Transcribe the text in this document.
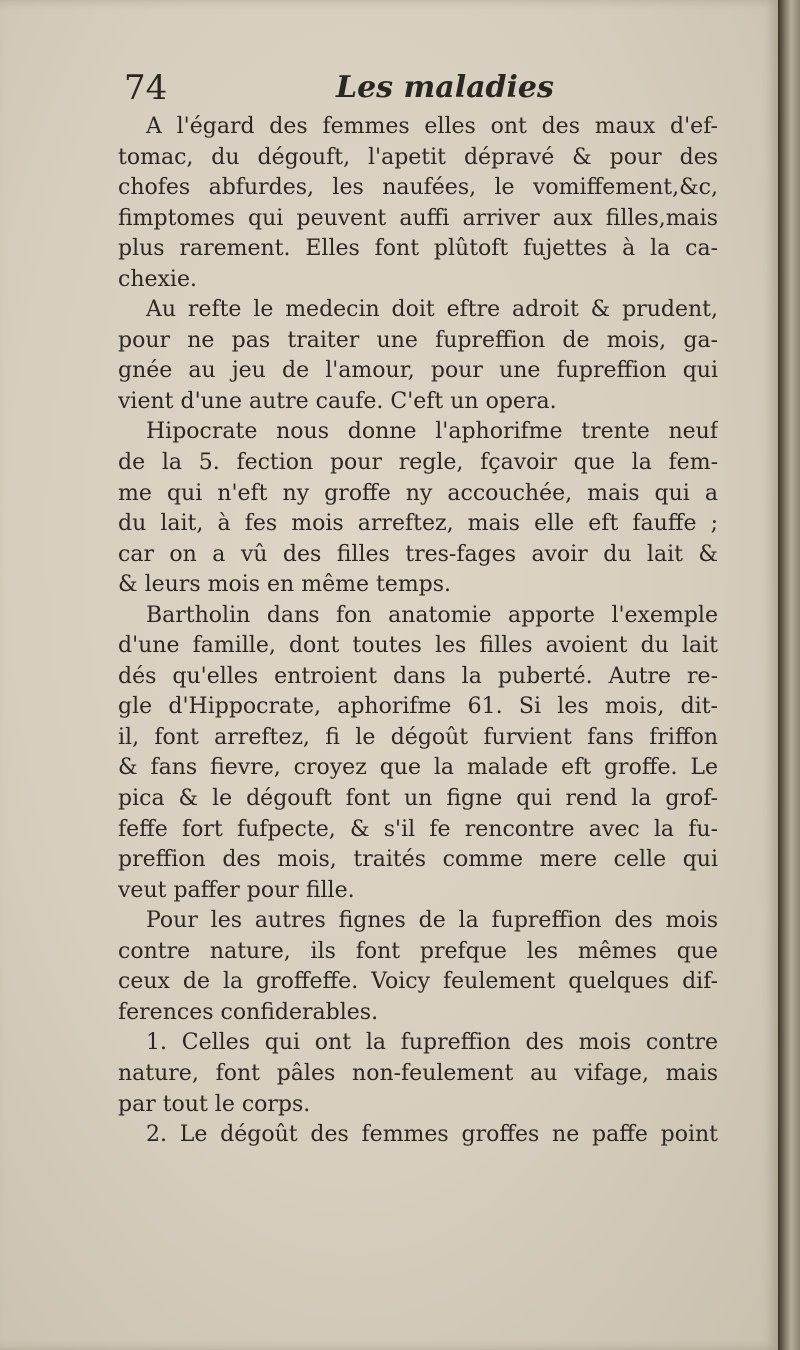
74	Les maladies
A l'égard des femmes elles ont des maux d'ef-
tomac, du dégouft, l'apetit dépravé & pour des
chofes abfurdes, les naufées, le vomiffement,&c,
fimptomes qui peuvent auffi arriver aux filles,mais
plus rarement. Elles font plûtoft fujettes à la ca-
chexie.
Au refte le medecin doit eftre adroit & prudent,
pour ne pas traiter une fupreffion de mois, ga-
gnée au jeu de l'amour, pour une fupreffion qui
vient d'une autre caufe. C'eft un opera.
Hipocrate nous donne l'aphorifme trente neuf
de la 5. fection pour regle, fçavoir que la fem-
me qui n'eft ny groffe ny accouchée, mais qui a
du lait, à fes mois arreftez, mais elle eft fauffe ;
car on a vû des filles tres-fages avoir du lait &
& leurs mois en même temps.
Bartholin dans fon anatomie apporte l'exemple
d'une famille, dont toutes les filles avoient du lait
dés qu'elles entroient dans la puberté. Autre re-
gle d'Hippocrate, aphorifme 61. Si les mois, dit-
il, font arreftez, fi le dégoût furvient fans friffon
& fans fievre, croyez que la malade eft groffe. Le
pica & le dégouft font un figne qui rend la grof-
feffe fort fufpecte, & s'il fe rencontre avec la fu-
preffion des mois, traités comme mere celle qui
veut paffer pour fille.
Pour les autres fignes de la fupreffion des mois
contre nature, ils font prefque les mêmes que
ceux de la groffeffe. Voicy feulement quelques dif-
ferences confiderables.
1. Celles qui ont la fupreffion des mois contre
nature, font pâles non-feulement au vifage, mais
par tout le corps.
2. Le dégoût des femmes groffes ne paffe point
